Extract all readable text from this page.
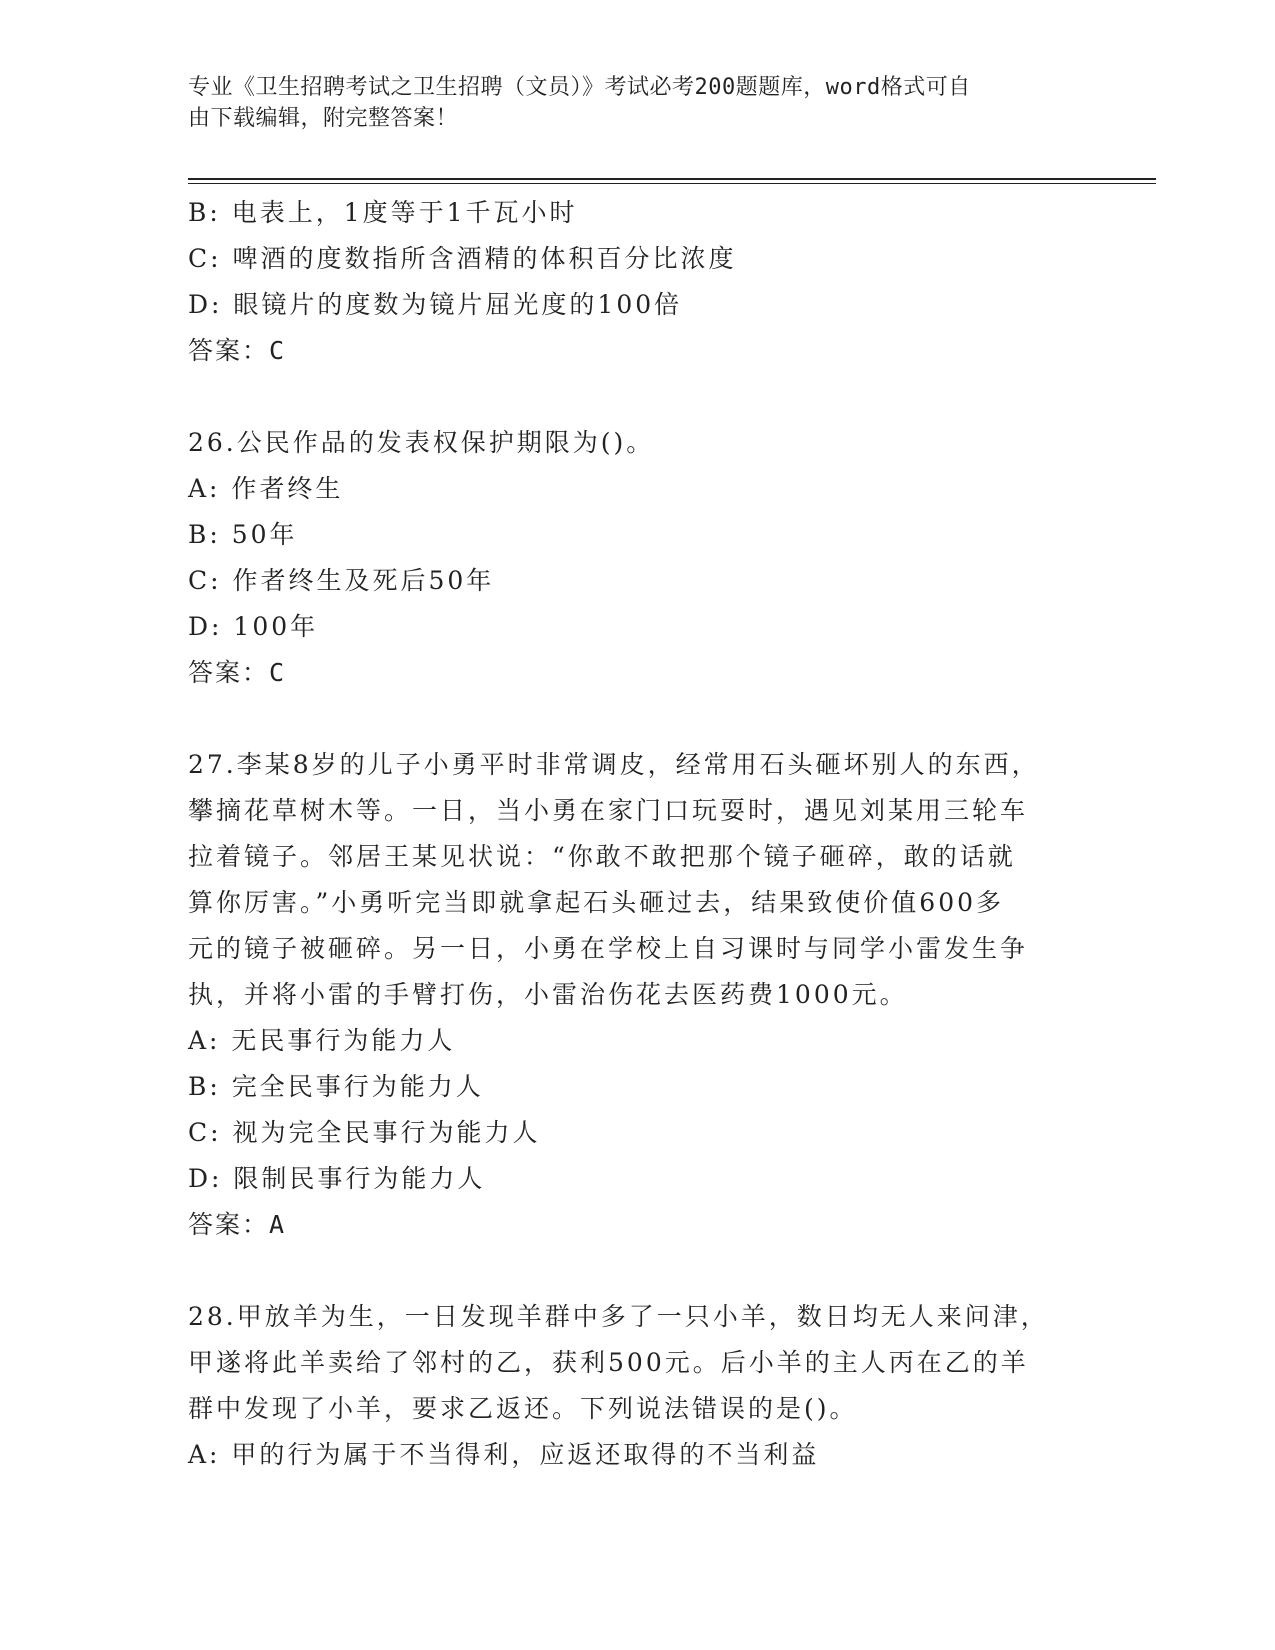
专业《卫生招聘考试之卫生招聘（文员）》考试必考200题题库，word格式可自
由下载编辑，附完整答案！
B: 电表上，1度等于1千瓦小时
C: 啤酒的度数指所含酒精的体积百分比浓度
D: 眼镜片的度数为镜片屈光度的100倍
答案：C
26.公民作品的发表权保护期限为()。
A: 作者终生
B: 50年
C: 作者终生及死后50年
D: 100年
答案：C
27.李某8岁的儿子小勇平时非常调皮，经常用石头砸坏别人的东西，
攀摘花草树木等。一日，当小勇在家门口玩耍时，遇见刘某用三轮车
拉着镜子。邻居王某见状说：“你敢不敢把那个镜子砸碎，敢的话就
算你厉害。”小勇听完当即就拿起石头砸过去，结果致使价值600多
元的镜子被砸碎。另一日，小勇在学校上自习课时与同学小雷发生争
执，并将小雷的手臂打伤，小雷治伤花去医药费1000元。
A: 无民事行为能力人
B: 完全民事行为能力人
C: 视为完全民事行为能力人
D: 限制民事行为能力人
答案：A
28.甲放羊为生，一日发现羊群中多了一只小羊，数日均无人来问津，
甲遂将此羊卖给了邻村的乙，获利500元。后小羊的主人丙在乙的羊
群中发现了小羊，要求乙返还。下列说法错误的是()。
A: 甲的行为属于不当得利，应返还取得的不当利益
